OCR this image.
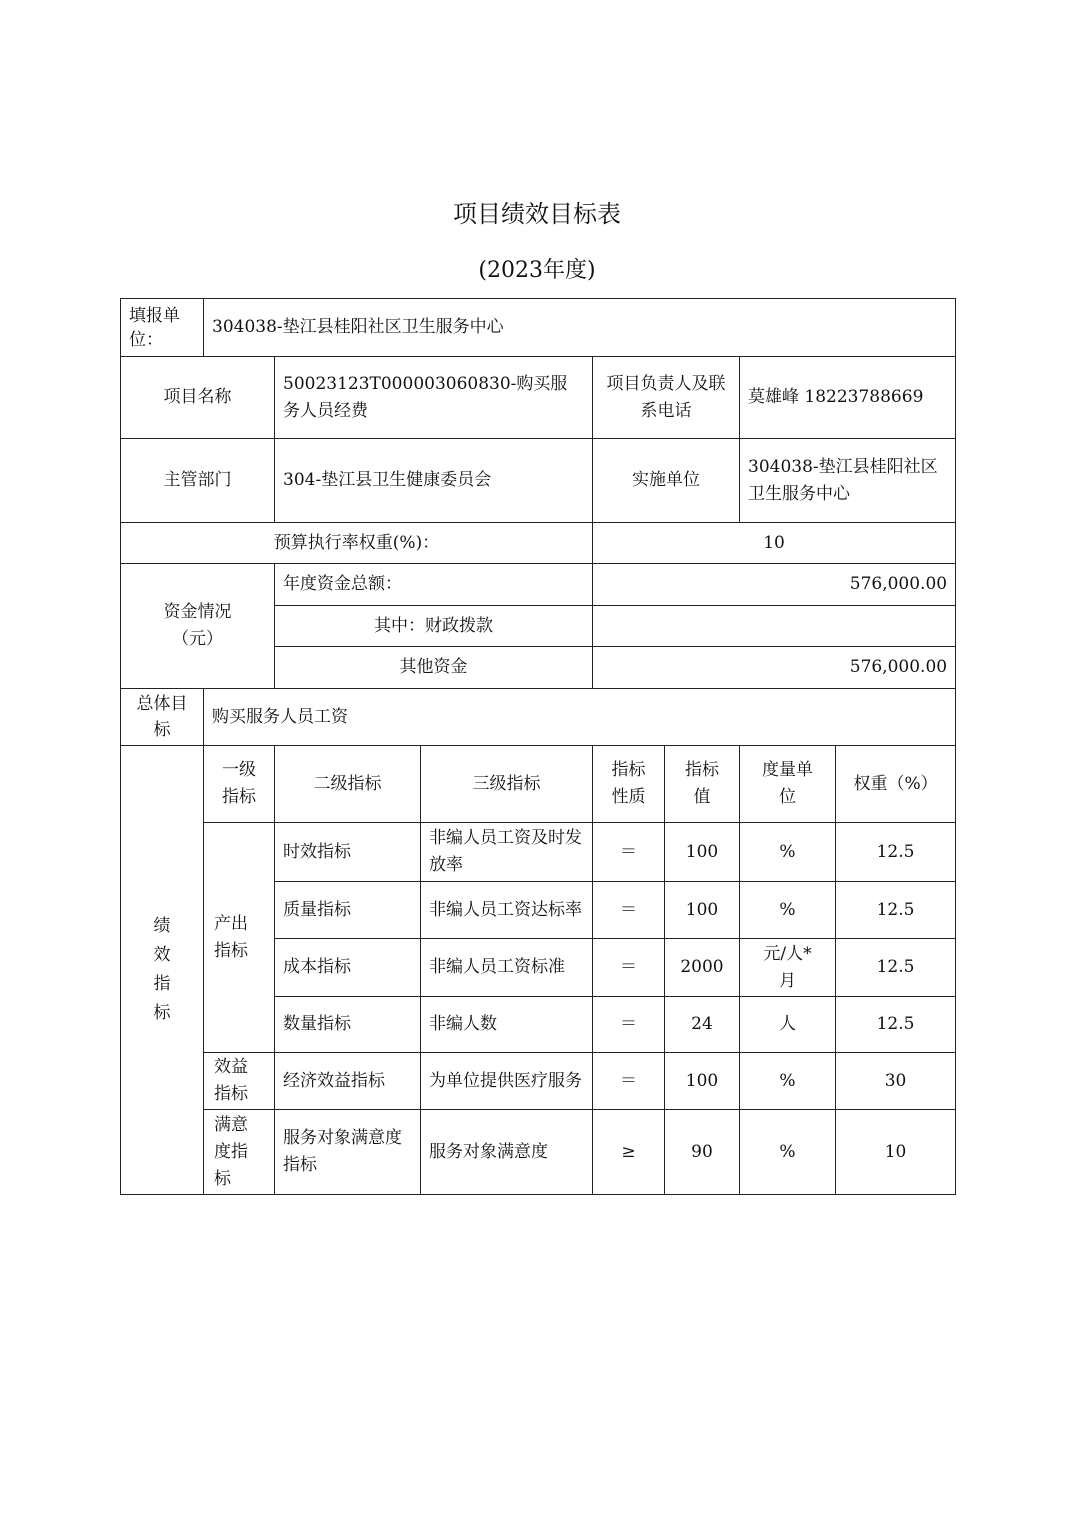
项目绩效目标表
(2023年度)
填报单位：	304038-垫江县桂阳社区卫生服务中心						
项目名称		50023123T000003060830-购买服务人员经费		项目负责人及联系电话		莫雄峰 18223788669	
主管部门		304-垫江县卫生健康委员会		实施单位		304038-垫江县桂阳社区卫生服务中心	
预算执行率权重(%)：				10			
资金情况（元）		年度资金总额：		576,000.00			
		其中：财政拨款					
		其他资金		576,000.00			
总体目标	购买服务人员工资						
绩效指标	一级指标	二级指标	三级指标	指标性质	指标值	度量单位	权重（%）
	产出指标	时效指标	非编人员工资及时发放率	＝	100	%	12.5
		质量指标	非编人员工资达标率	＝	100	%	12.5
		成本指标	非编人员工资标准	＝	2000	元/人*月	12.5
		数量指标	非编人数	＝	24	人	12.5
	效益指标	经济效益指标	为单位提供医疗服务	＝	100	%	30
	满意度指标	服务对象满意度指标	服务对象满意度	≥	90	%	10
